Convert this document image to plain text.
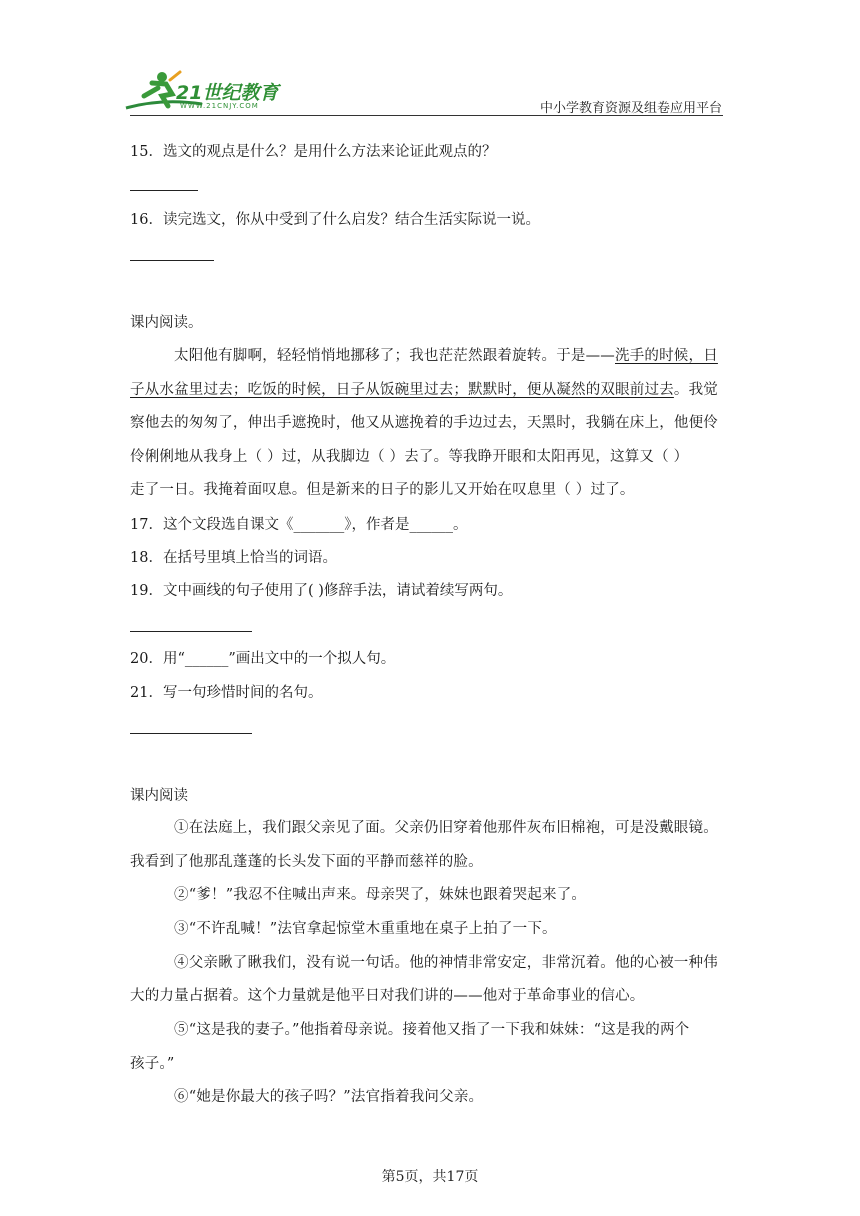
21世纪教育
WWW.21CNJY.COM	中小学教育资源及组卷应用平台
15．选文的观点是什么？是用什么方法来论证此观点的？
16．读完选文，你从中受到了什么启发？结合生活实际说一说。
课内阅读。
太阳他有脚啊，轻轻悄悄地挪移了；我也茫茫然跟着旋转。于是——洗手的时候，日
子从水盆里过去；吃饭的时候，日子从饭碗里过去；默默时，便从凝然的双眼前过去。我觉
察他去的匆匆了，伸出手遮挽时，他又从遮挽着的手边过去，天黑时，我躺在床上，他便伶
伶俐俐地从我身上（ ）过，从我脚边（ ）去了。等我睁开眼和太阳再见，这算又（ ）
走了一日。我掩着面叹息。但是新来的日子的影儿又开始在叹息里（ ）过了。
17．这个文段选自课文《_______》，作者是______。
18．在括号里填上恰当的词语。
19．文中画线的句子使用了( )修辞手法，请试着续写两句。
20．用“______”画出文中的一个拟人句。
21．写一句珍惜时间的名句。
课内阅读
①在法庭上，我们跟父亲见了面。父亲仍旧穿着他那件灰布旧棉袍，可是没戴眼镜。
我看到了他那乱蓬蓬的长头发下面的平静而慈祥的脸。
②“爹！”我忍不住喊出声来。母亲哭了，妹妹也跟着哭起来了。
③“不许乱喊！”法官拿起惊堂木重重地在桌子上拍了一下。
④父亲瞅了瞅我们，没有说一句话。他的神情非常安定，非常沉着。他的心被一种伟
大的力量占据着。这个力量就是他平日对我们讲的——他对于革命事业的信心。
⑤“这是我的妻子。”他指着母亲说。接着他又指了一下我和妹妹：“这是我的两个
孩子。”
⑥“她是你最大的孩子吗？”法官指着我问父亲。
第5页，共17页
